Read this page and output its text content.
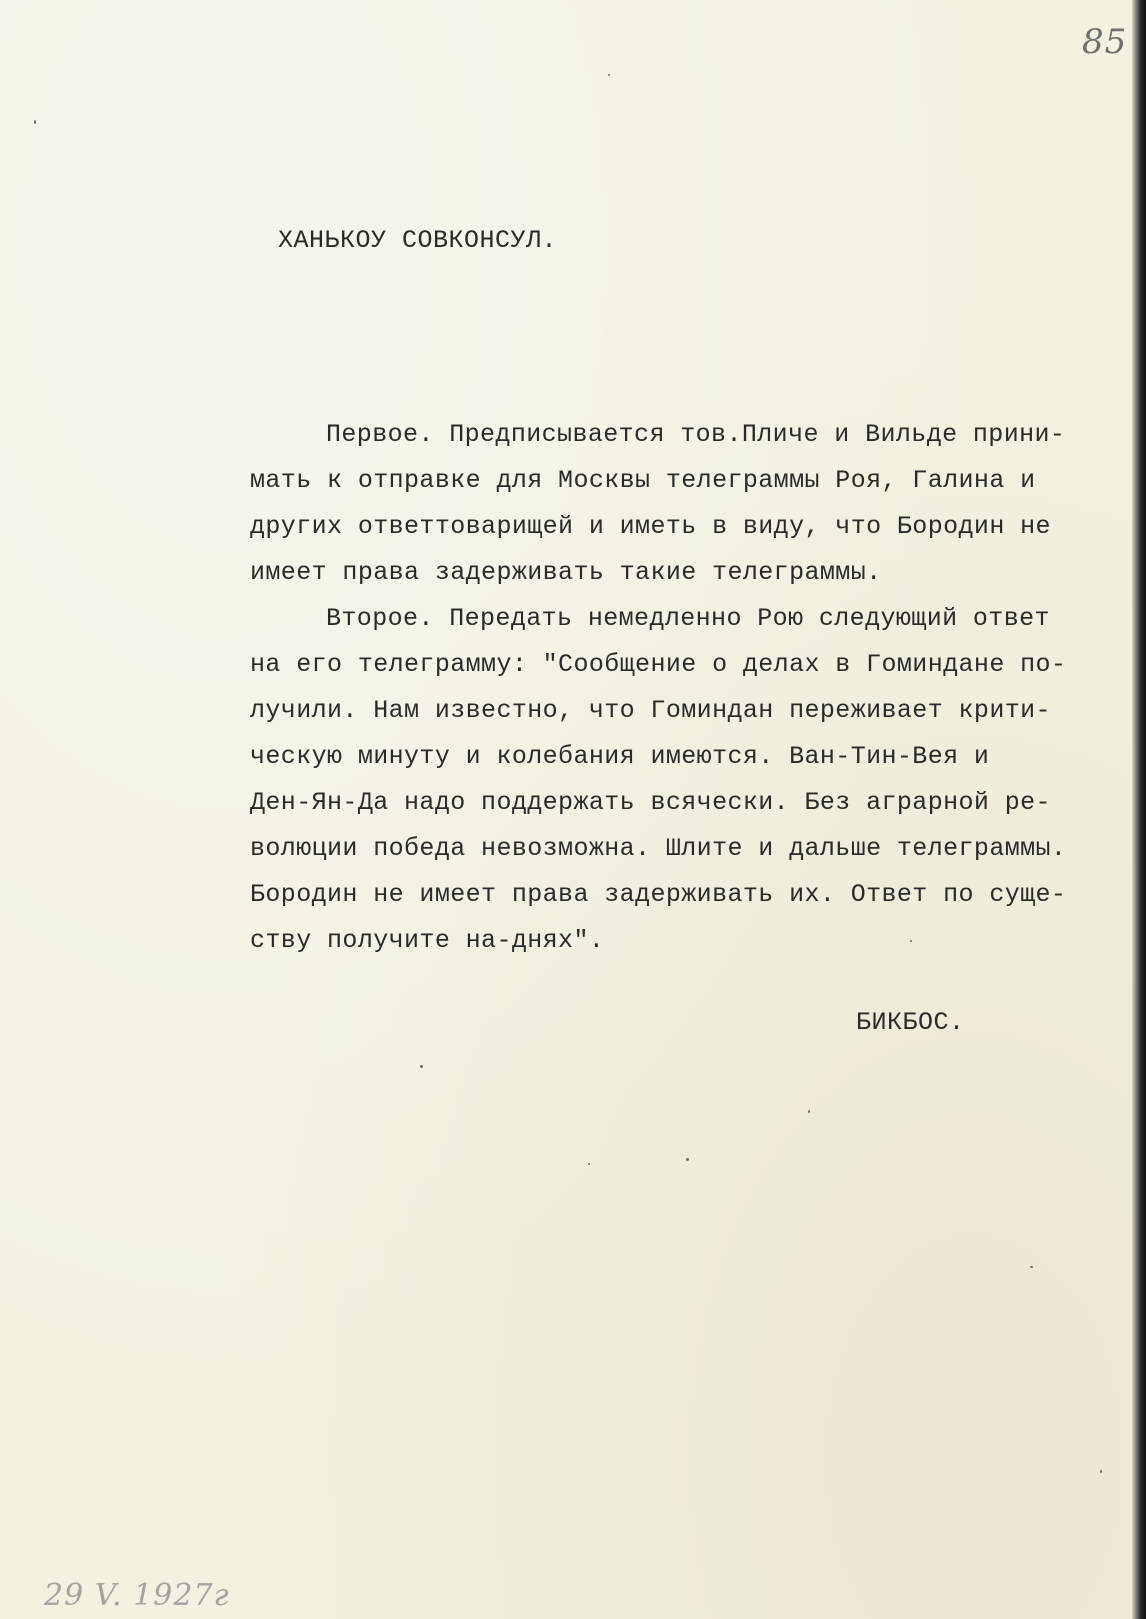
85
ХАНЬКОУ СОВКОНСУЛ.
Первое. Предписывается тов.Пличе и Вильде прини-
мать к отправке для Москвы телеграммы Роя, Галина и
других ответтоварищей и иметь в виду, что Бородин не
имеет права задерживать такие телеграммы.
Второе. Передать немедленно Рою следующий ответ
на его телеграмму: "Сообщение о делах в Гоминдане по-
лучили. Нам известно, что Гоминдан переживает крити-
ческую минуту и колебания имеются. Ван-Тин-Вея и
Ден-Ян-Да надо поддержать всячески. Без аграрной ре-
волюции победа невозможна. Шлите и дальше телеграммы.
Бородин не имеет права задерживать их. Ответ по суще-
ству получите на-днях".
БИКБОС.
29 V. 1927г
